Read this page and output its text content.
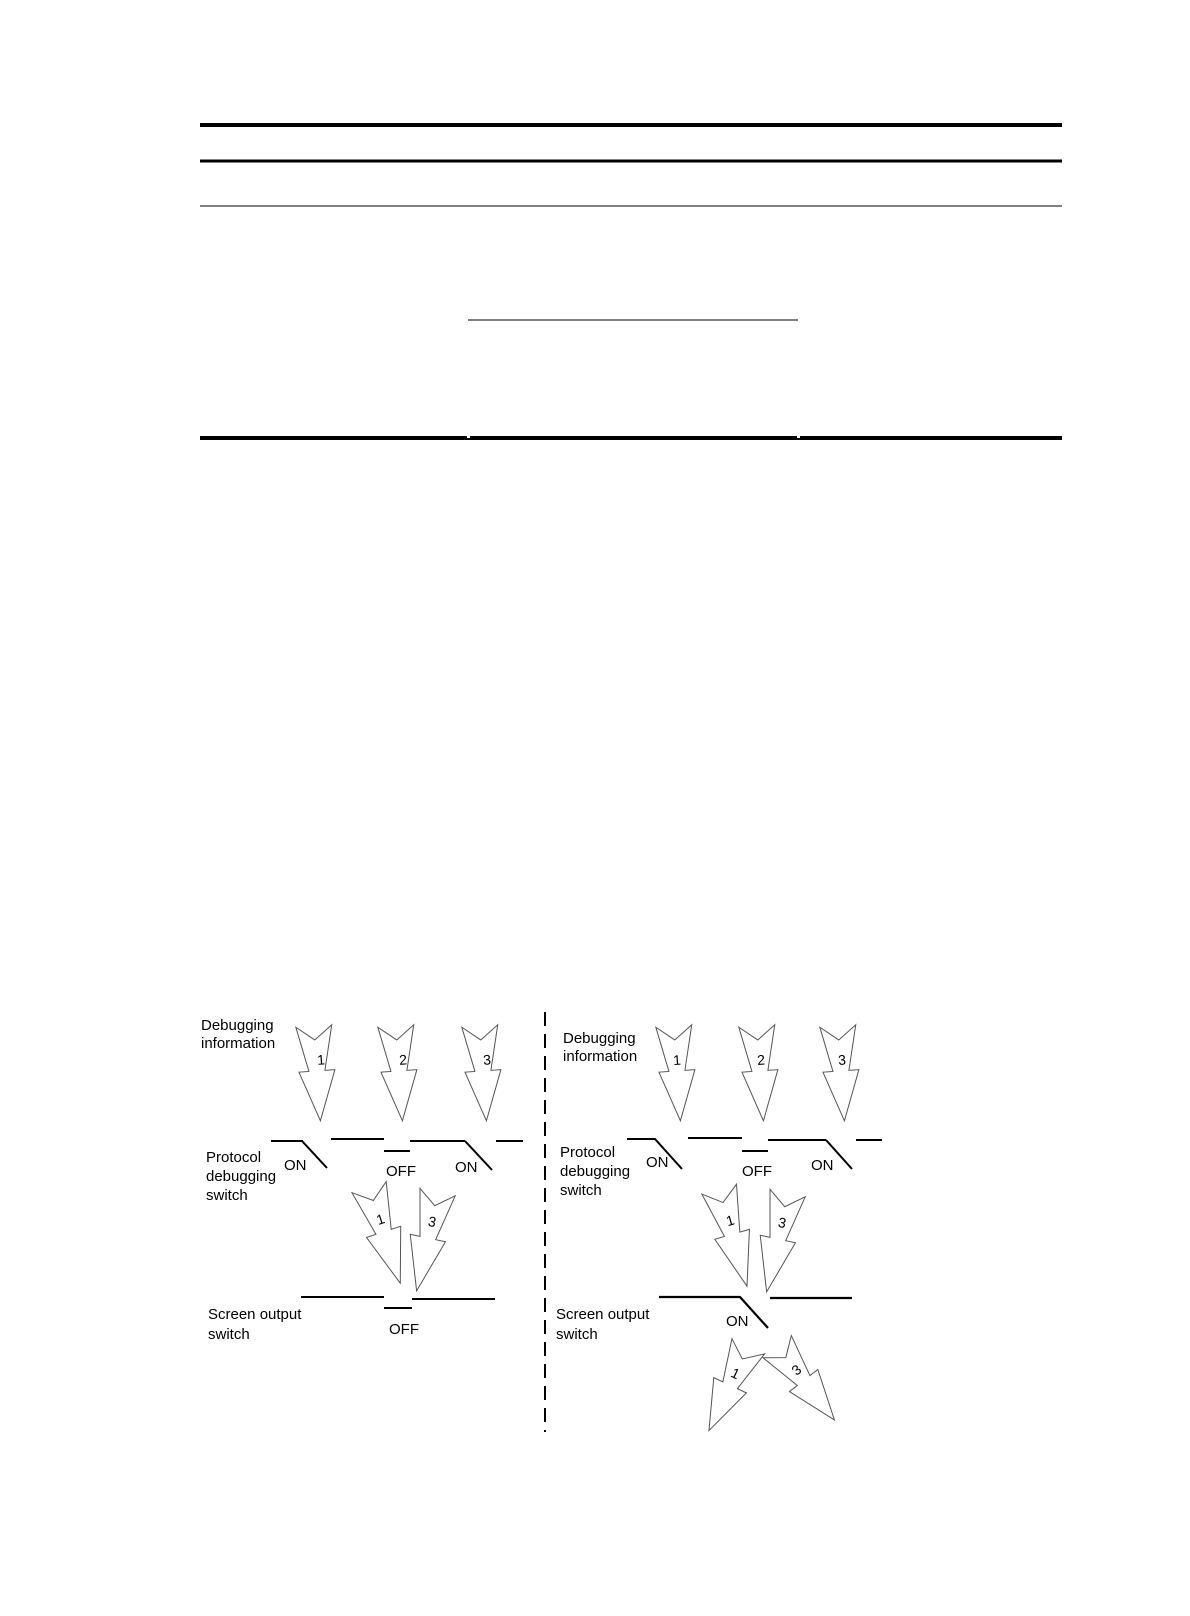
Debugging
information
1	2	3
ON	OFF	ON
Protocol
debugging
switch
1	3
OFF
Screen output
switch
Debugging
information	1	2	3
ON
OFF	ON
Protocol
debugging
switch
1	3
ON
Screen output
switch
1	3
